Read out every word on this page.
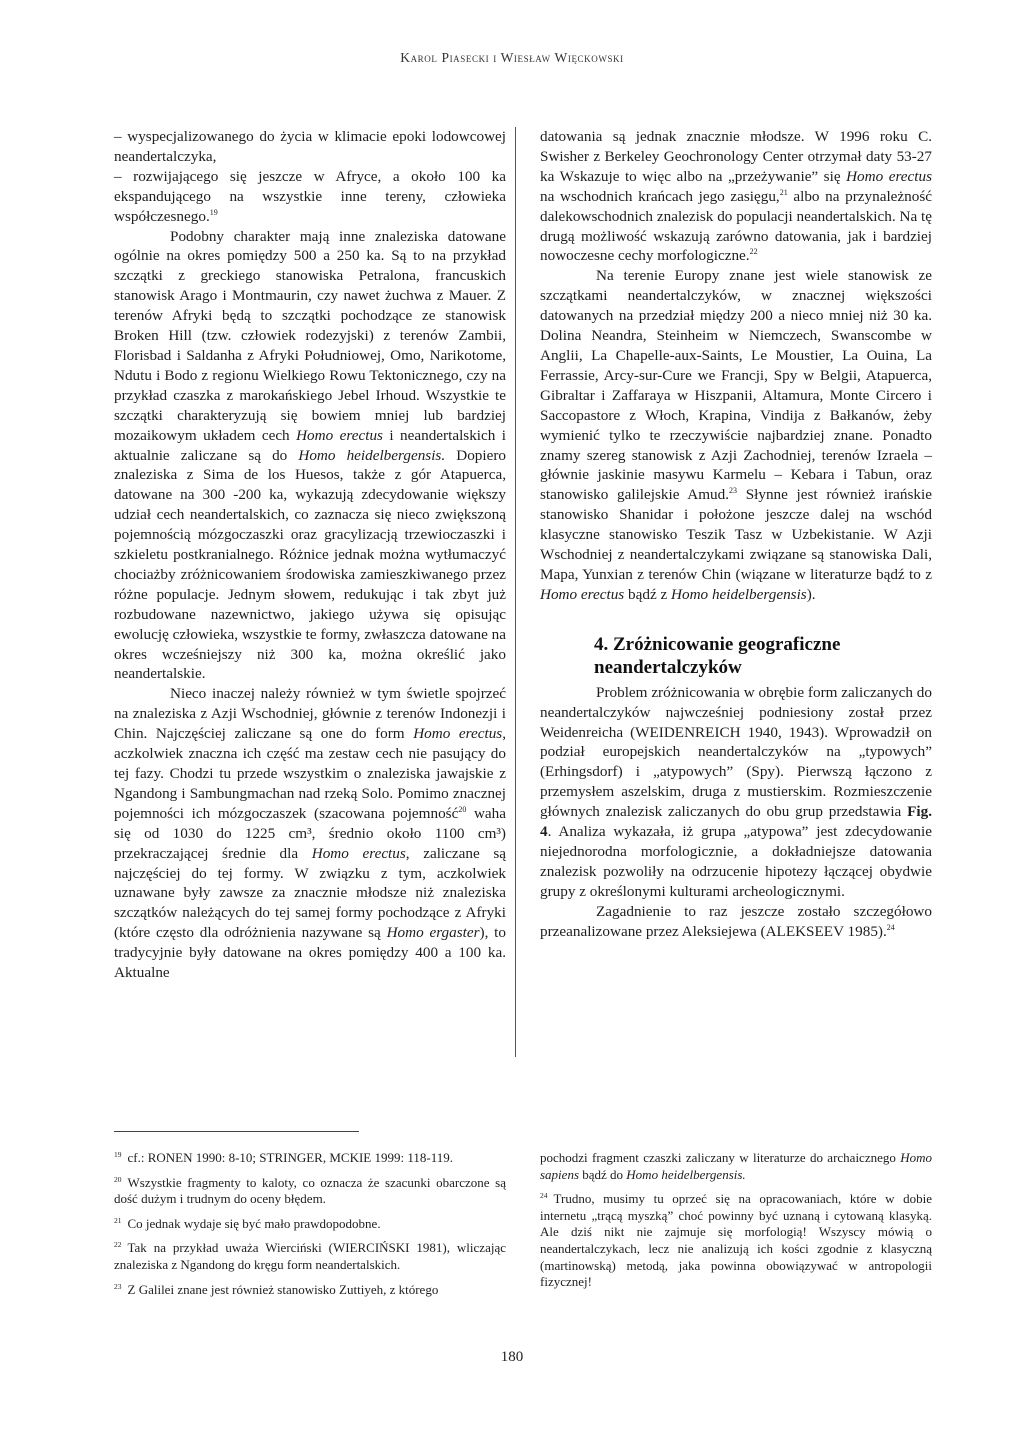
Karol Piasecki i Wiesław Więckowski

– wyspecjalizowanego do życia w klimacie epoki lodowcowej neandertalczyka,

– rozwijającego się jeszcze w Afryce, a około 100 ka ekspandującego na wszystkie inne tereny, człowieka współczesnego.$^{19}$

Podobny charakter mają inne znaleziska datowane ogólnie na okres pomiędzy 500 a 250 ka. Są to na przykład szczątki z greckiego stanowiska Petralona, francuskich stanowisk Arago i Montmaurin, czy nawet żuchwa z Mauer. Z terenów Afryki będą to szczątki pochodzące ze stanowisk Broken Hill (tzw. człowiek rodezyjski) z terenów Zambii, Florisbad i Saldanha z Afryki Południowej, Omo, Narikotome, Ndutu i Bodo z regionu Wielkiego Rowu Tektonicznego, czy na przykład czaszka z marokańskiego Jebel Irhoud. Wszystkie te szczątki charakteryzują się bowiem mniej lub bardziej mozaikowym układem cech Homo erectus i neandertalskich i aktualnie zaliczane są do Homo heidelbergensis. Dopiero znaleziska z Sima de los Huesos, także z gór Atapuerca, datowane na 300 -200 ka, wykazują zdecydowanie większy udział cech neandertalskich, co zaznacza się nieco zwiększoną pojemnością mózgoczaszki oraz gracylizacją trzewioczaszki i szkieletu postkranialnego. Różnice jednak można wytłumaczyć chociażby zróżnicowaniem środowiska zamieszkiwanego przez różne populacje. Jednym słowem, redukując i tak zbyt już rozbudowane nazewnictwo, jakiego używa się opisując ewolucję człowieka, wszystkie te formy, zwłaszcza datowane na okres wcześniejszy niż 300 ka, można określić jako neandertalskie.

Nieco inaczej należy również w tym świetle spojrzeć na znaleziska z Azji Wschodniej, głównie z terenów Indonezji i Chin. Najczęściej zaliczane są one do form Homo erectus, aczkolwiek znaczna ich część ma zestaw cech nie pasujący do tej fazy. Chodzi tu przede wszystkim o znaleziska jawajskie z Ngandong i Sambungmachan nad rzeką Solo. Pomimo znacznej pojemności ich mózgoczaszek (szacowana pojemność$^{20}$ waha się od 1030 do 1225 cm³, średnio około 1100 cm³) przekraczającej średnie dla Homo erectus, zaliczane są najczęściej do tej formy. W związku z tym, aczkolwiek uznawane były zawsze za znacznie młodsze niż znaleziska szczątków należących do tej samej formy pochodzące z Afryki (które często dla odróżnienia nazywane są Homo ergaster), to tradycyjnie były datowane na okres pomiędzy 400 a 100 ka. Aktualne

datowania są jednak znacznie młodsze. W 1996 roku C. Swisher z Berkeley Geochronology Center otrzymał daty 53-27 ka Wskazuje to więc albo na „przeżywanie” się Homo erectus na wschodnich krańcach jego zasięgu,$^{21}$ albo na przynależność dalekowschodnich znalezisk do populacji neandertalskich. Na tę drugą możliwość wskazują zarówno datowania, jak i bardziej nowoczesne cechy morfologiczne.$^{22}$

Na terenie Europy znane jest wiele stanowisk ze szczątkami neandertalczyków, w znacznej większości datowanych na przedział między 200 a nieco mniej niż 30 ka. Dolina Neandra, Steinheim w Niemczech, Swanscombe w Anglii, La Chapelle-aux-Saints, Le Moustier, La Ouina, La Ferrassie, Arcy-sur-Cure we Francji, Spy w Belgii, Atapuerca, Gibraltar i Zaffaraya w Hiszpanii, Altamura, Monte Circero i Saccopastore z Włoch, Krapina, Vindija z Bałkanów, żeby wymienić tylko te rzeczywiście najbardziej znane. Ponadto znamy szereg stanowisk z Azji Zachodniej, terenów Izraela – głównie jaskinie masywu Karmelu – Kebara i Tabun, oraz stanowisko galilejskie Amud.$^{23}$ Słynne jest również irańskie stanowisko Shanidar i położone jeszcze dalej na wschód klasyczne stanowisko Teszik Tasz w Uzbekistanie. W Azji Wschodniej z neandertalczykami związane są stanowiska Dali, Mapa, Yunxian z terenów Chin (wiązane w literaturze bądź to z Homo erectus bądź z Homo heidelbergensis).

4. Zróżnicowanie geograficzne neandertalczyków

Problem zróżnicowania w obrębie form zaliczanych do neandertalczyków najwcześniej podniesiony został przez Weidenreicha (WEIDENREICH 1940, 1943). Wprowadził on podział europejskich neandertalczyków na „typowych” (Erhingsdorf) i „atypowych” (Spy). Pierwszą łączono z przemysłem aszelskim, druga z mustierskim. Rozmieszczenie głównych znalezisk zaliczanych do obu grup przedstawia Fig. 4. Analiza wykazała, iż grupa „atypowa” jest zdecydowanie niejednorodna morfologicznie, a dokładniejsze datowania znalezisk pozwoliły na odrzucenie hipotezy łączącej obydwie grupy z określonymi kulturami archeologicznymi.

Zagadnienie to raz jeszcze zostało szczegółowo przeanalizowane przez Aleksiejewa (ALEKSEEV 1985).$^{24}$

$^{19}$ cf.: RONEN 1990: 8-10; STRINGER, MCKIE 1999: 118-119.

$^{20}$ Wszystkie fragmenty to kaloty, co oznacza że szacunki obarczone są dość dużym i trudnym do oceny błędem.

$^{21}$ Co jednak wydaje się być mało prawdopodobne.

$^{22}$ Tak na przykład uważa Wierciński (WIERCIŃSKI 1981), wliczając znaleziska z Ngandong do kręgu form neandertalskich.

$^{23}$ Z Galilei znane jest również stanowisko Zuttiyeh, z którego

pochodzi fragment czaszki zaliczany w literaturze do archaicznego Homo sapiens bądź do Homo heidelbergensis.

$^{24}$ Trudno, musimy tu oprzeć się na opracowaniach, które w dobie internetu „trącą myszką” choć powinny być uznaną i cytowaną klasyką. Ale dziś nikt nie zajmuje się morfologią! Wszyscy mówią o neandertalczykach, lecz nie analizują ich kości zgodnie z klasyczną (martinowską) metodą, jaka powinna obowiązywać w antropologii fizycznej!

180
